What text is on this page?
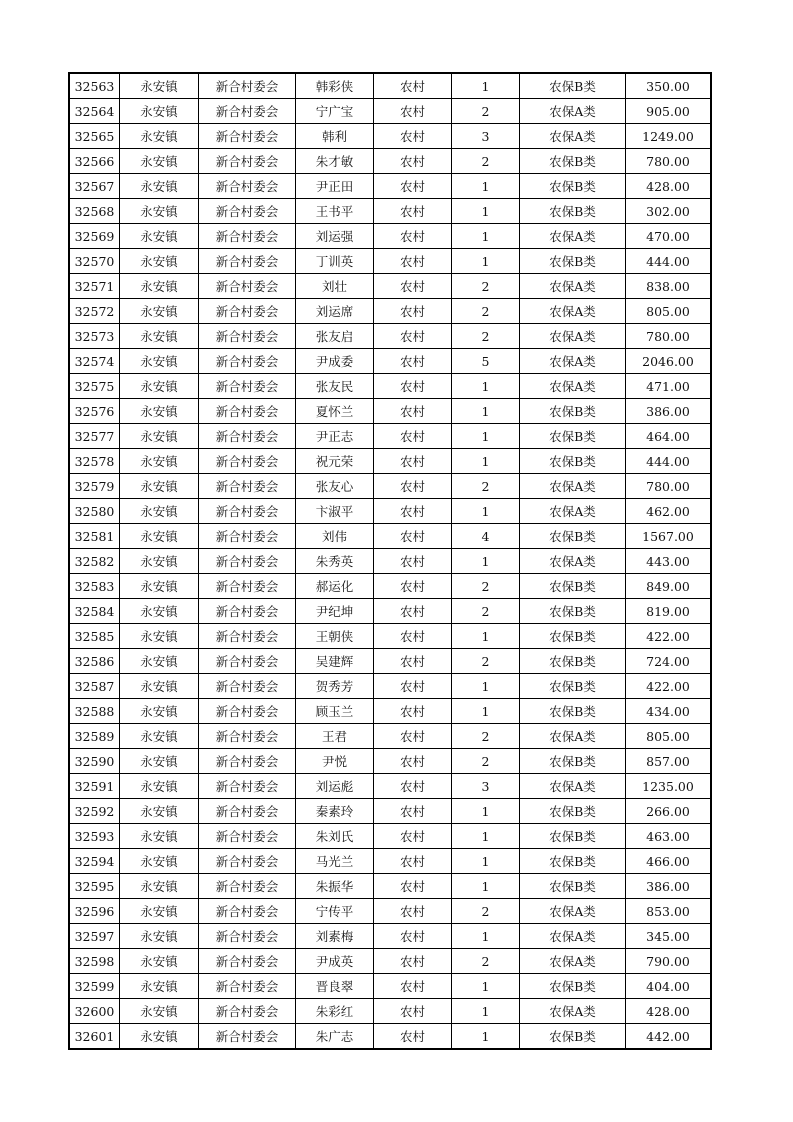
32563	永安镇	新合村委会	韩彩侠	农村	1	农保B类	350.00
32564	永安镇	新合村委会	宁广宝	农村	2	农保A类	905.00
32565	永安镇	新合村委会	韩利	农村	3	农保A类	1249.00
32566	永安镇	新合村委会	朱才敏	农村	2	农保B类	780.00
32567	永安镇	新合村委会	尹正田	农村	1	农保B类	428.00
32568	永安镇	新合村委会	王书平	农村	1	农保B类	302.00
32569	永安镇	新合村委会	刘运强	农村	1	农保A类	470.00
32570	永安镇	新合村委会	丁训英	农村	1	农保B类	444.00
32571	永安镇	新合村委会	刘壮	农村	2	农保A类	838.00
32572	永安镇	新合村委会	刘运席	农村	2	农保A类	805.00
32573	永安镇	新合村委会	张友启	农村	2	农保A类	780.00
32574	永安镇	新合村委会	尹成委	农村	5	农保A类	2046.00
32575	永安镇	新合村委会	张友民	农村	1	农保A类	471.00
32576	永安镇	新合村委会	夏怀兰	农村	1	农保B类	386.00
32577	永安镇	新合村委会	尹正志	农村	1	农保B类	464.00
32578	永安镇	新合村委会	祝元荣	农村	1	农保B类	444.00
32579	永安镇	新合村委会	张友心	农村	2	农保A类	780.00
32580	永安镇	新合村委会	卞淑平	农村	1	农保A类	462.00
32581	永安镇	新合村委会	刘伟	农村	4	农保B类	1567.00
32582	永安镇	新合村委会	朱秀英	农村	1	农保A类	443.00
32583	永安镇	新合村委会	郝运化	农村	2	农保B类	849.00
32584	永安镇	新合村委会	尹纪坤	农村	2	农保B类	819.00
32585	永安镇	新合村委会	王朝侠	农村	1	农保B类	422.00
32586	永安镇	新合村委会	吴建辉	农村	2	农保B类	724.00
32587	永安镇	新合村委会	贺秀芳	农村	1	农保B类	422.00
32588	永安镇	新合村委会	顾玉兰	农村	1	农保B类	434.00
32589	永安镇	新合村委会	王君	农村	2	农保A类	805.00
32590	永安镇	新合村委会	尹悦	农村	2	农保B类	857.00
32591	永安镇	新合村委会	刘运彪	农村	3	农保A类	1235.00
32592	永安镇	新合村委会	秦素玲	农村	1	农保B类	266.00
32593	永安镇	新合村委会	朱刘氏	农村	1	农保B类	463.00
32594	永安镇	新合村委会	马光兰	农村	1	农保B类	466.00
32595	永安镇	新合村委会	朱振华	农村	1	农保B类	386.00
32596	永安镇	新合村委会	宁传平	农村	2	农保A类	853.00
32597	永安镇	新合村委会	刘素梅	农村	1	农保A类	345.00
32598	永安镇	新合村委会	尹成英	农村	2	农保A类	790.00
32599	永安镇	新合村委会	晋良翠	农村	1	农保B类	404.00
32600	永安镇	新合村委会	朱彩红	农村	1	农保A类	428.00
32601	永安镇	新合村委会	朱广志	农村	1	农保B类	442.00
